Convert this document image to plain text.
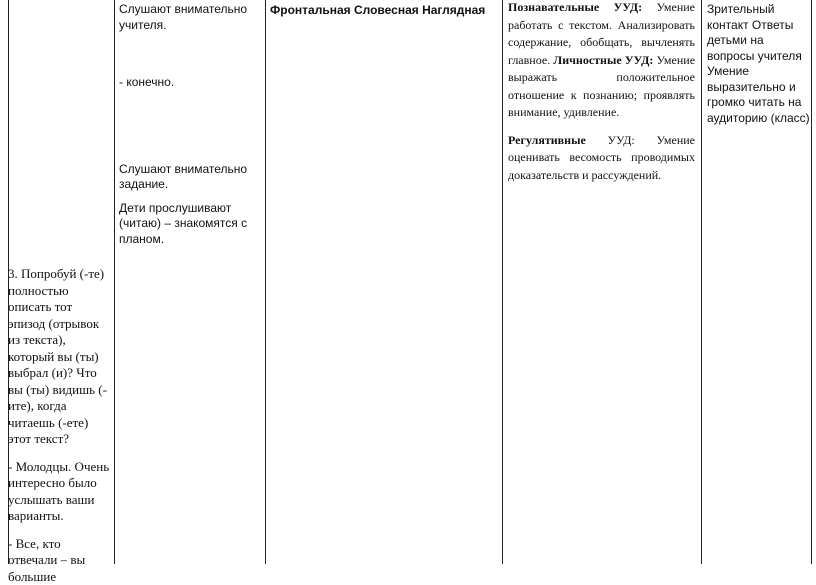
3. Попробуй (-те) полностью описать тот эпизод (отрывок из текста), который вы (ты) выбрал (и)? Что вы (ты) видишь (-ите), когда читаешь (-ете) этот текст?

- Молодцы. Очень интересно было услышать ваши варианты.

- Все, кто отвечали – вы большие

Слушают внимательно учителя.

- конечно.

Слушают внимательно задание.

Дети прослушивают (читаю) – знакомятся с планом.

Фронтальная Словесная Наглядная	Познавательные УУД: Умение работать с текстом. Анализировать содержание, обобщать, вычленять главное. Личностные УУД: Умение выражать положительное отношение к познанию; проявлять внимание, удивление.

Регулятивные УУД: Умение оценивать весомость проводимых доказательств и рассуждений.

Зрительный контакт Ответы детьми на вопросы учителя Умение выразительно и громко читать на аудиторию (класс)
